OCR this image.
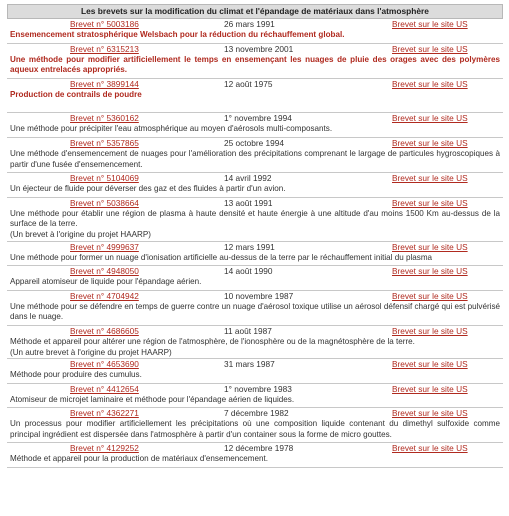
Les brevets sur la modification du climat et l'épandage de matériaux dans l'atmosphère
Brevet n° 5003186	26 mars 1991	Brevet sur le site US
Ensemencement stratosphérique Welsbach pour la réduction du réchauffement global.
Brevet n° 6315213	13 novembre 2001	Brevet sur le site US
Une méthode pour modifier artificiellement le temps en ensemençant les nuages de pluie des orages avec des polymères aqueux entrelacés appropriés.
Brevet n° 3899144	12 août 1975	Brevet sur le site US
Production de contrails de poudre
Brevet n° 5360162	1° novembre 1994	Brevet sur le site US
Une méthode pour précipiter l'eau atmosphérique au moyen d'aérosols multi-composants.
Brevet n° 5357865	25 octobre 1994	Brevet sur le site US
Une méthode d'ensemencement de nuages pour l'amélioration des précipitations comprenant le largage de particules hygroscopiques à partir d'une fusée d'ensemencement.
Brevet n° 5104069	14 avril 1992	Brevet sur le site US
Un éjecteur de fluide pour déverser des gaz et des fluides à partir d'un avion.
Brevet n° 5038664	13 août 1991	Brevet sur le site US
Une méthode pour établir une région de plasma à haute densité et haute énergie à une altitude d'au moins 1500 Km au-dessus de la surface de la terre.
(Un brevet à l'origine du projet HAARP)
Brevet n° 4999637	12 mars 1991	Brevet sur le site US
Une méthode pour former un nuage d'ionisation artificielle au-dessus de la terre par le réchauffement initial du plasma
Brevet n° 4948050	14 août 1990	Brevet sur le site US
Appareil atomiseur de liquide pour l'épandage aérien.
Brevet n° 4704942	10 novembre 1987	Brevet sur le site US
Une méthode pour se défendre en temps de guerre contre un nuage d'aérosol toxique utilise un aérosol défensif chargé qui est pulvérisé dans le nuage.
Brevet n° 4686605	11 août 1987	Brevet sur le site US
Méthode et appareil pour altérer une région de l'atmosphère, de l'ionosphère ou de la magnétosphère de la terre.
(Un autre brevet à l'origine du projet HAARP)
Brevet n° 4653690	31 mars 1987	Brevet sur le site US
Méthode pour produire des cumulus.
Brevet n° 4412654	1° novembre 1983	Brevet sur le site US
Atomiseur de microjet laminaire et méthode pour l'épandage aérien de liquides.
Brevet n° 4362271	7 décembre 1982	Brevet sur le site US
Un processus pour modifier artificiellement les précipitations où une composition liquide contenant du dimethyl sulfoxide comme principal ingrédient est dispersée dans l'atmosphère à partir d'un container sous la forme de micro gouttes.
Brevet n° 4129252	12 décembre 1978	Brevet sur le site US
Méthode et appareil pour la production de matériaux d'ensemencement.
